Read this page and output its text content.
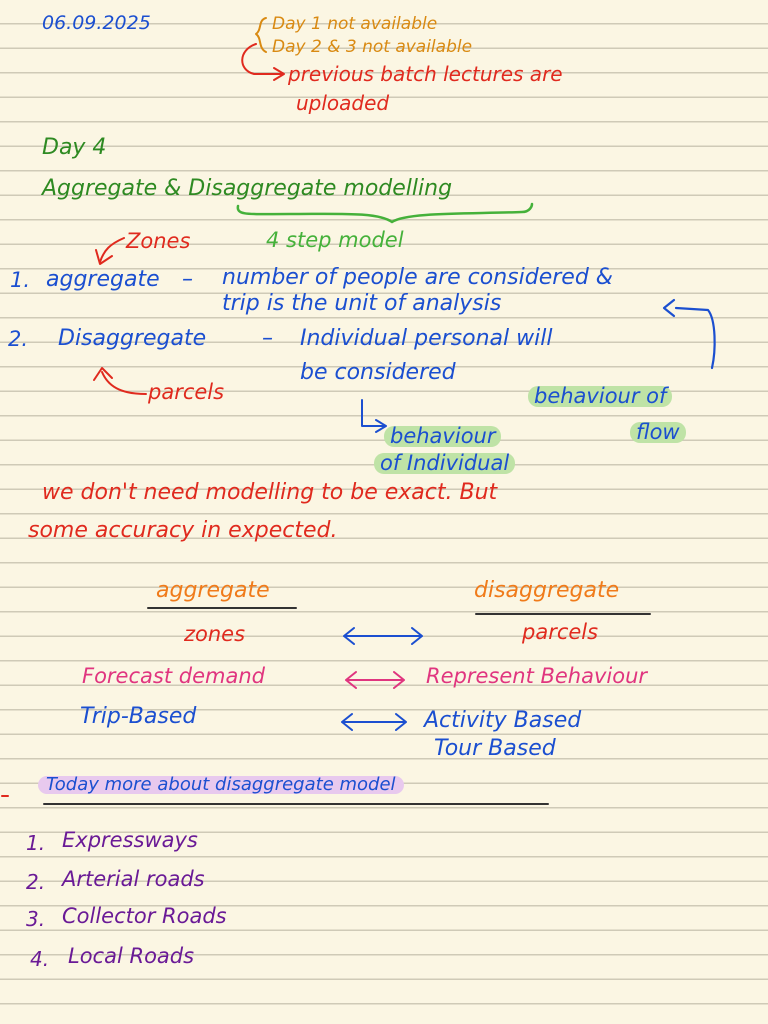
06.09.2025	Day 1 not available
Day 2 & 3 not available
previous batch lectures are
uploaded
Day 4
Aggregate & Disaggregate modelling
4 step model
Zones
1. aggregate – number of people are considered &
trip is the unit of analysis
2. Disaggregate	– Individual personal will
be considered
parcels	behaviour of
flow
behaviour
of Individual
we don't need modelling to be exact. But
some accuracy in expected.
aggregate	disaggregate
zones	parcels
Forecast demand	Represent Behaviour
Trip-Based	Activity Based
Tour Based
Today more about disaggregate model
1. Expressways
2. Arterial roads
3. Collector Roads
4. Local Roads
